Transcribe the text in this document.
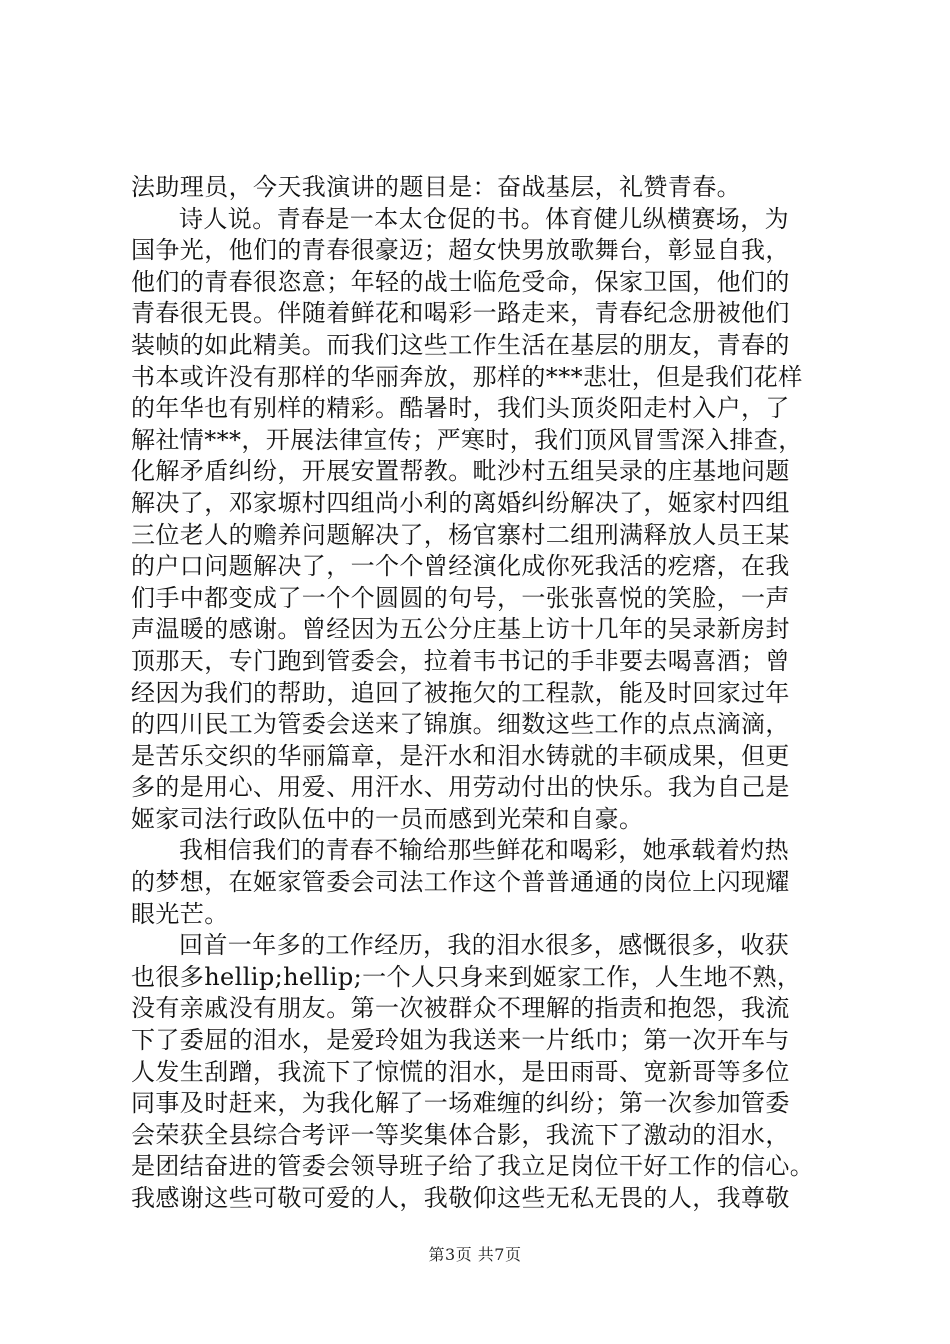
法助理员，今天我演讲的题目是：奋战基层，礼赞青春。
诗人说。青春是一本太仓促的书。体育健儿纵横赛场，为
国争光，他们的青春很豪迈；超女快男放歌舞台，彰显自我，
他们的青春很恣意；年轻的战士临危受命，保家卫国，他们的
青春很无畏。伴随着鲜花和喝彩一路走来，青春纪念册被他们
装帧的如此精美。而我们这些工作生活在基层的朋友，青春的
书本或许没有那样的华丽奔放，那样的***悲壮，但是我们花样
的年华也有别样的精彩。酷暑时，我们头顶炎阳走村入户，了
解社情***，开展法律宣传；严寒时，我们顶风冒雪深入排查，
化解矛盾纠纷，开展安置帮教。毗沙村五组吴录的庄基地问题
解决了，邓家塬村四组尚小利的离婚纠纷解决了，姬家村四组
三位老人的赡养问题解决了，杨官寨村二组刑满释放人员王某
的户口问题解决了，一个个曾经演化成你死我活的疙瘩，在我
们手中都变成了一个个圆圆的句号，一张张喜悦的笑脸，一声
声温暖的感谢。曾经因为五公分庄基上访十几年的吴录新房封
顶那天，专门跑到管委会，拉着韦书记的手非要去喝喜酒；曾
经因为我们的帮助，追回了被拖欠的工程款，能及时回家过年
的四川民工为管委会送来了锦旗。细数这些工作的点点滴滴，
是苦乐交织的华丽篇章，是汗水和泪水铸就的丰硕成果，但更
多的是用心、用爱、用汗水、用劳动付出的快乐。我为自己是
姬家司法行政队伍中的一员而感到光荣和自豪。
我相信我们的青春不输给那些鲜花和喝彩，她承载着灼热
的梦想，在姬家管委会司法工作这个普普通通的岗位上闪现耀
眼光芒。
回首一年多的工作经历，我的泪水很多，感慨很多，收获
也很多hellip;hellip;一个人只身来到姬家工作，人生地不熟，
没有亲戚没有朋友。第一次被群众不理解的指责和抱怨，我流
下了委屈的泪水，是爱玲姐为我送来一片纸巾；第一次开车与
人发生刮蹭，我流下了惊慌的泪水，是田雨哥、宽新哥等多位
同事及时赶来，为我化解了一场难缠的纠纷；第一次参加管委
会荣获全县综合考评一等奖集体合影，我流下了激动的泪水，
是团结奋进的管委会领导班子给了我立足岗位干好工作的信心。
我感谢这些可敬可爱的人，我敬仰这些无私无畏的人，我尊敬
第3页 共7页
